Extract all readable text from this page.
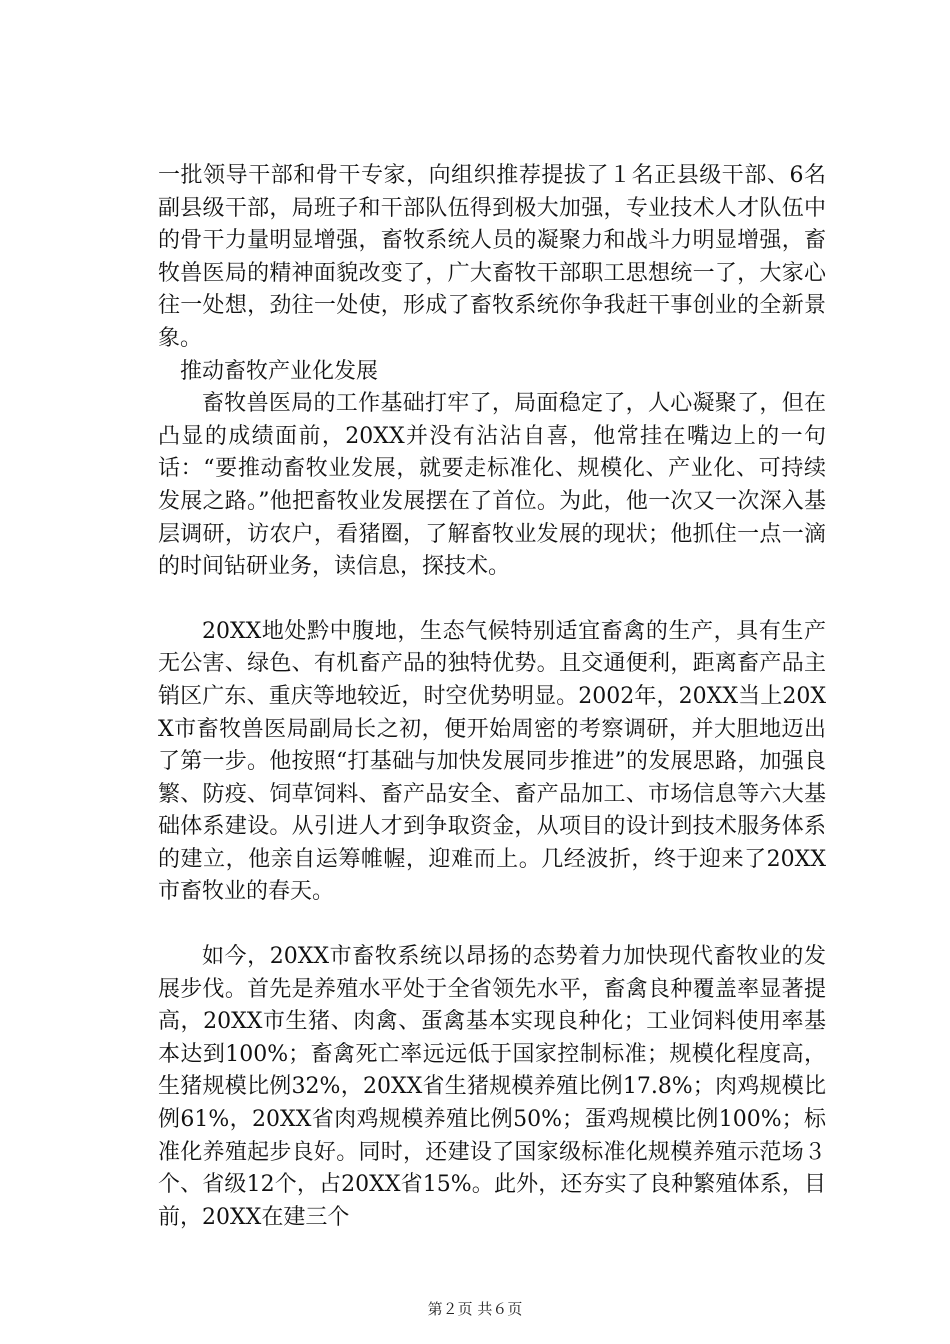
一批领导干部和骨干专家，向组织推荐提拔了１名正县级干部、6名副县级干部，局班子和干部队伍得到极大加强，专业技术人才队伍中的骨干力量明显增强，畜牧系统人员的凝聚力和战斗力明显增强，畜牧兽医局的精神面貌改变了，广大畜牧干部职工思想统一了，大家心往一处想，劲往一处使，形成了畜牧系统你争我赶干事创业的全新景象。

推动畜牧产业化发展

畜牧兽医局的工作基础打牢了，局面稳定了，人心凝聚了，但在凸显的成绩面前，20XX并没有沾沾自喜，他常挂在嘴边上的一句话：“要推动畜牧业发展，就要走标准化、规模化、产业化、可持续发展之路。”他把畜牧业发展摆在了首位。为此，他一次又一次深入基层调研，访农户，看猪圈，了解畜牧业发展的现状；他抓住一点一滴的时间钻研业务，读信息，探技术。

20XX地处黔中腹地，生态气候特别适宜畜禽的生产，具有生产无公害、绿色、有机畜产品的独特优势。且交通便利，距离畜产品主销区广东、重庆等地较近，时空优势明显。2002年，20XX当上20XX市畜牧兽医局副局长之初，便开始周密的考察调研，并大胆地迈出了第一步。他按照“打基础与加快发展同步推进”的发展思路，加强良繁、防疫、饲草饲料、畜产品安全、畜产品加工、市场信息等六大基础体系建设。从引进人才到争取资金，从项目的设计到技术服务体系的建立，他亲自运筹帷幄，迎难而上。几经波折，终于迎来了20XX市畜牧业的春天。

如今，20XX市畜牧系统以昂扬的态势着力加快现代畜牧业的发展步伐。首先是养殖水平处于全省领先水平，畜禽良种覆盖率显著提高，20XX市生猪、肉禽、蛋禽基本实现良种化；工业饲料使用率基本达到100%；畜禽死亡率远远低于国家控制标准；规模化程度高，生猪规模比例32%，20XX省生猪规模养殖比例17.8%；肉鸡规模比例61%，20XX省肉鸡规模养殖比例50%；蛋鸡规模比例100%；标准化养殖起步良好。同时，还建设了国家级标准化规模养殖示范场３个、省级12个，占20XX省15%。此外，还夯实了良种繁殖体系，目前，20XX在建三个

第２页 共６页
